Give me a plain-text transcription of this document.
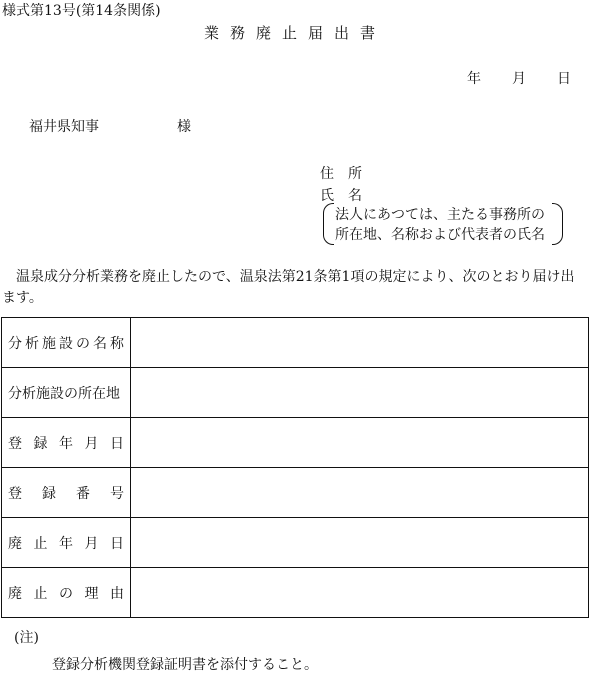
様式第13号(第14条関係)
業務廃止届出書
年 月 日
福井県知事	様
住　所
氏　名
法人にあつては、主たる事務所の
所在地、名称および代表者の氏名
温泉成分分析業務を廃止したので、温泉法第21条第1項の規定により、次のとおり届け出ます。
分析施設の名称	

分析施設の所在地	

登録年月日	

登録番号	

廃止年月日	

廃止の理由	

(注)
登録分析機関登録証明書を添付すること。
